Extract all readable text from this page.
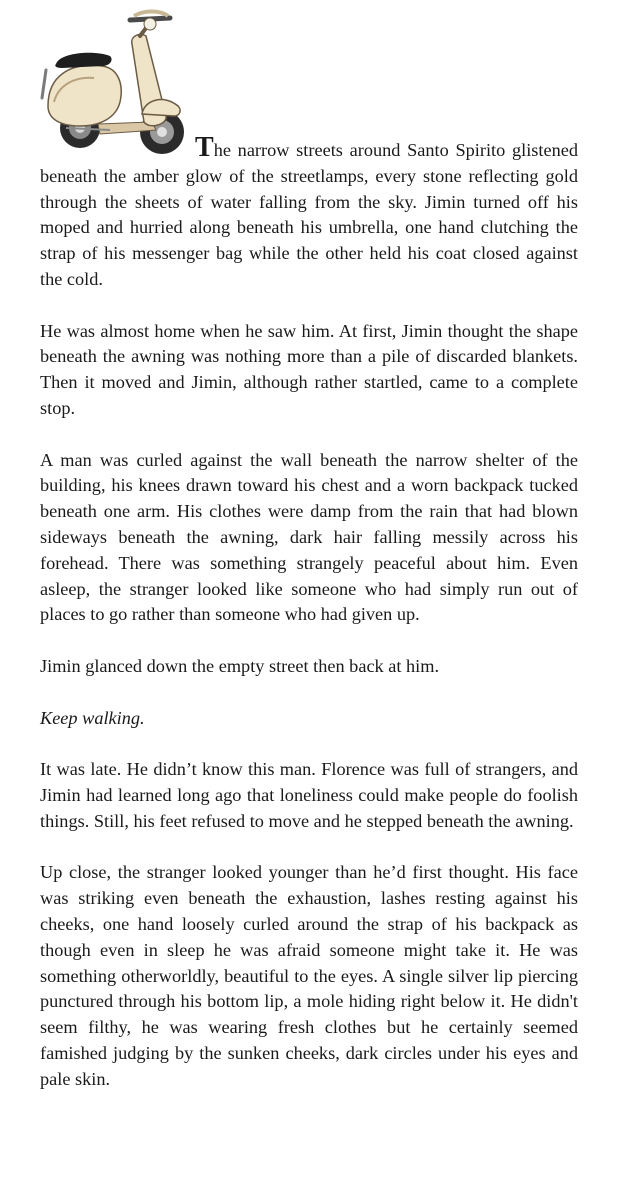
The narrow streets around Santo Spirito glistened beneath the amber glow of the streetlamps, every stone reflecting gold through the sheets of water falling from the sky. Jimin turned off his moped and hurried along beneath his umbrella, one hand clutching the strap of his messenger bag while the other held his coat closed against the cold.

He was almost home when he saw him. At first, Jimin thought the shape beneath the awning was nothing more than a pile of discarded blankets. Then it moved and Jimin, although rather startled, came to a complete stop.

A man was curled against the wall beneath the narrow shelter of the building, his knees drawn toward his chest and a worn backpack tucked beneath one arm. His clothes were damp from the rain that had blown sideways beneath the awning, dark hair falling messily across his forehead. There was something strangely peaceful about him. Even asleep, the stranger looked like someone who had simply run out of places to go rather than someone who had given up.

Jimin glanced down the empty street then back at him.

Keep walking.

It was late. He didn’t know this man. Florence was full of strangers, and Jimin had learned long ago that loneliness could make people do foolish things. Still, his feet refused to move and he stepped beneath the awning.

Up close, the stranger looked younger than he’d first thought. His face was striking even beneath the exhaustion, lashes resting against his cheeks, one hand loosely curled around the strap of his backpack as though even in sleep he was afraid someone might take it. He was something otherworldly, beautiful to the eyes. A single silver lip piercing punctured through his bottom lip, a mole hiding right below it. He didn't seem filthy, he was wearing fresh clothes but he certainly seemed famished judging by the sunken cheeks, dark circles under his eyes and pale skin.
